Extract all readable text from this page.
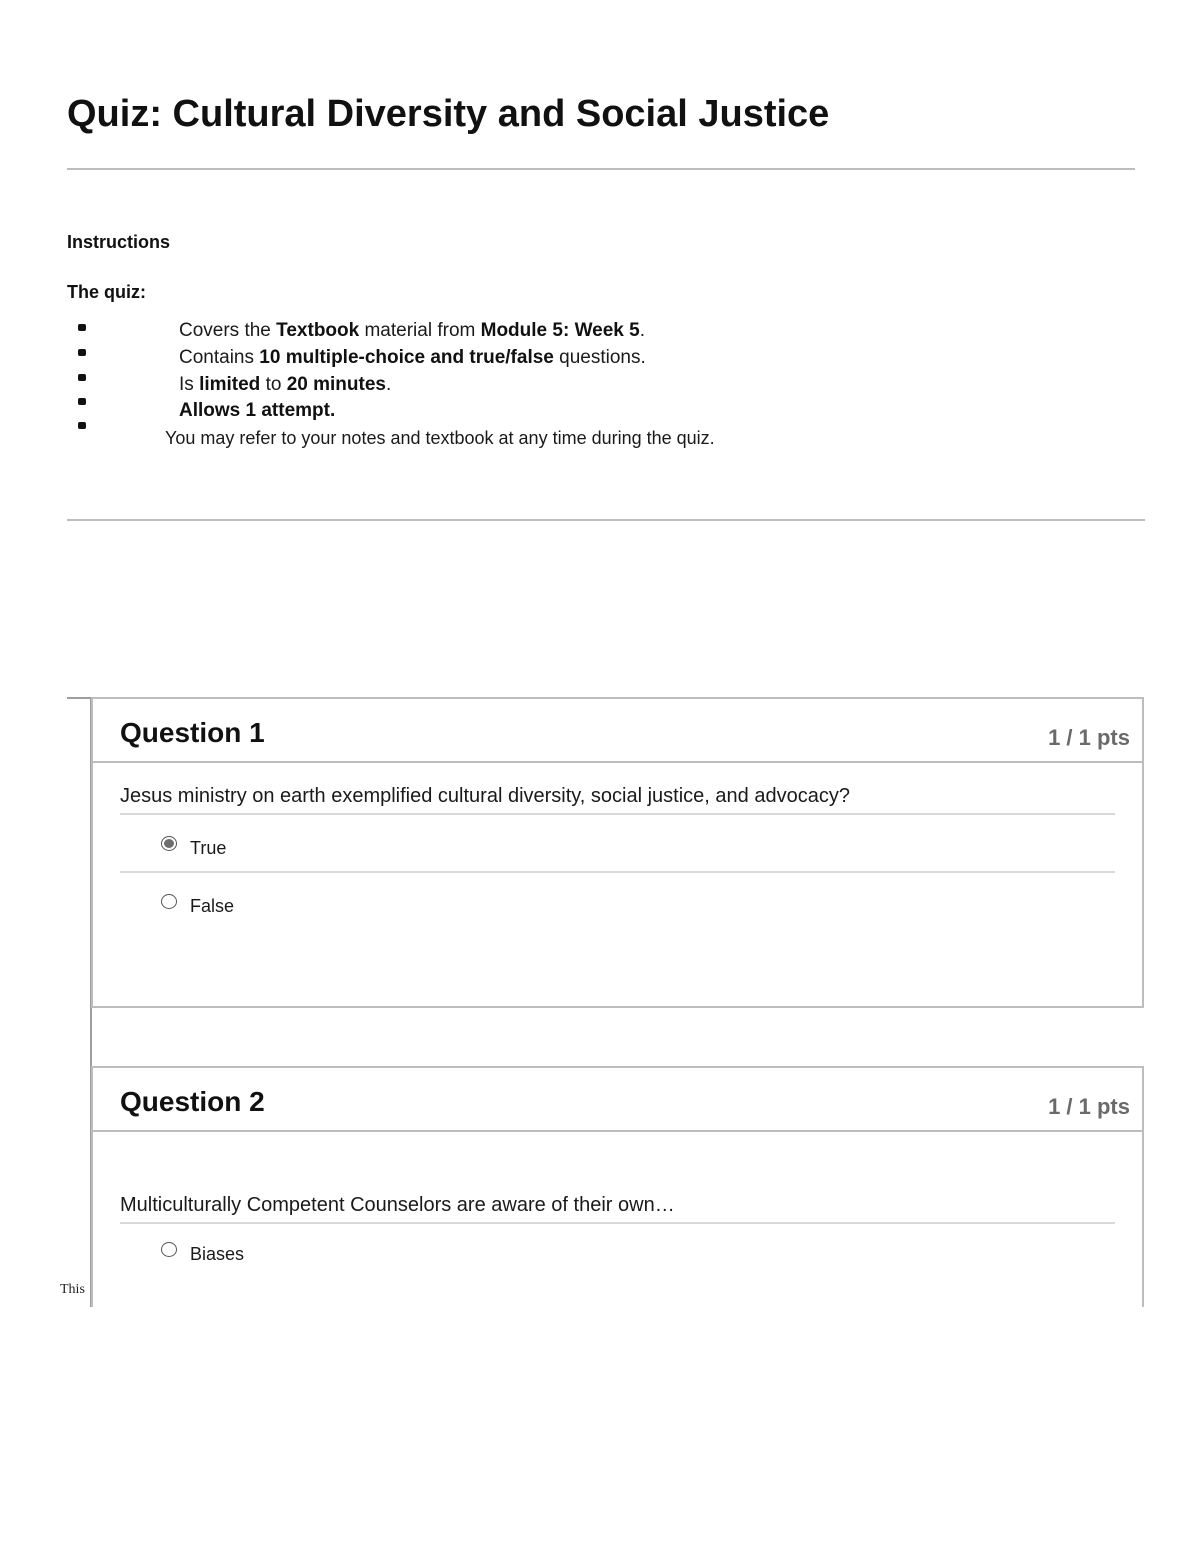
Quiz: Cultural Diversity and Social Justice
Instructions
The quiz:
Covers the Textbook material from Module 5: Week 5.
Contains 10 multiple-choice and true/false questions.
Is limited to 20 minutes.
Allows 1 attempt.
You may refer to your notes and textbook at any time during the quiz.
Question 1	1 / 1 pts
Jesus ministry on earth exemplified cultural diversity, social justice, and advocacy?
True
False
Question 2	1 / 1 pts
Multiculturally Competent Counselors are aware of their own…
Biases
This
